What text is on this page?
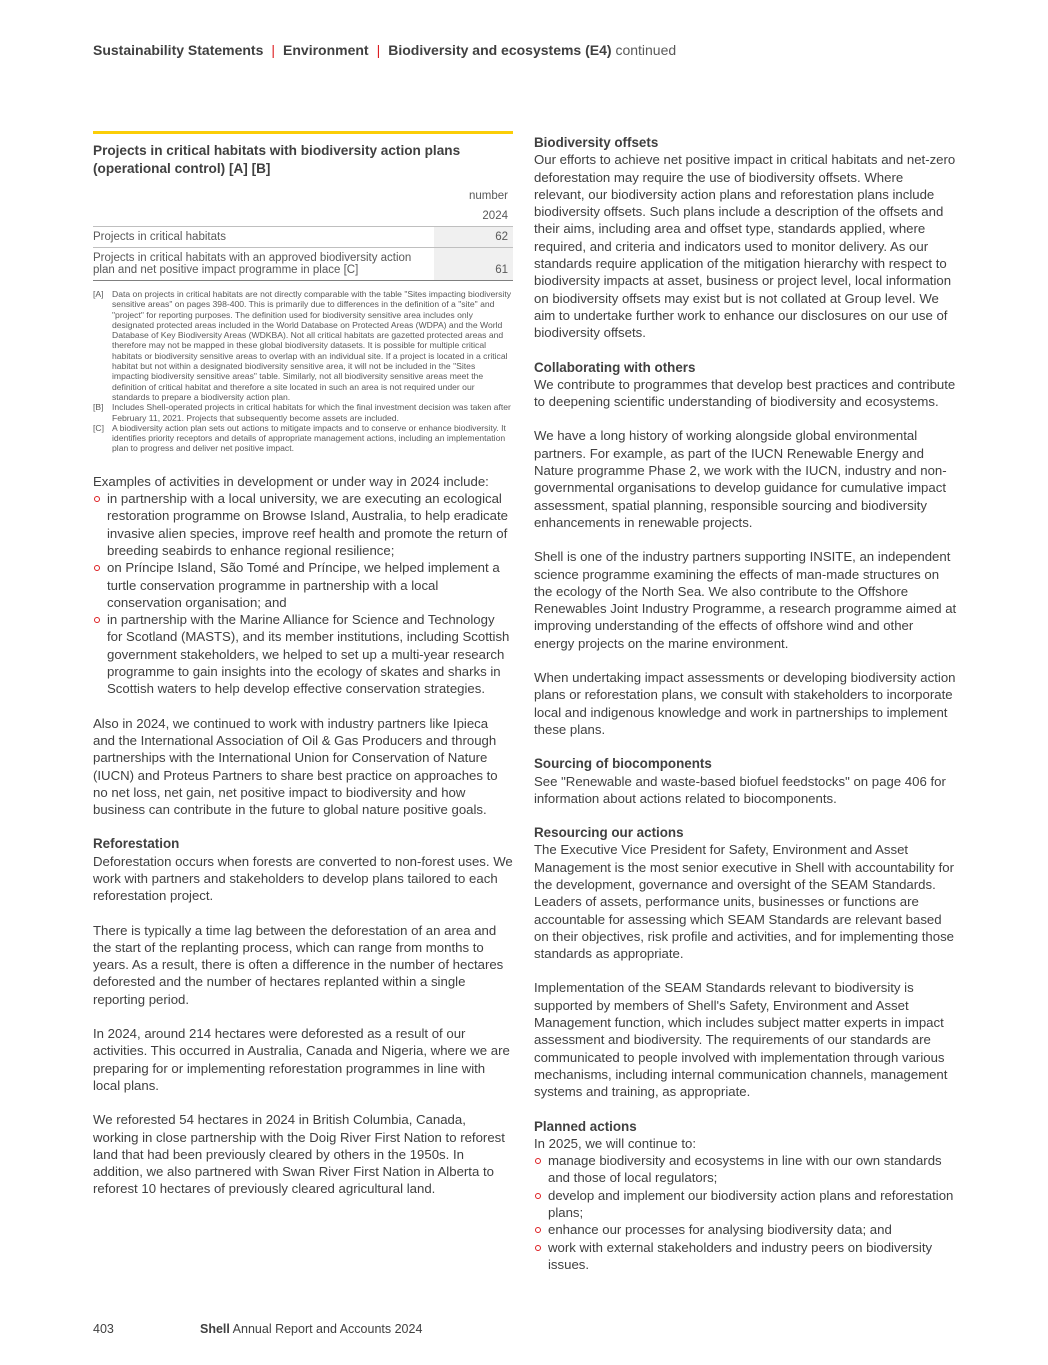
Sustainability Statements | Environment | Biodiversity and ecosystems (E4) continued

Projects in critical habitats with biodiversity action plans (operational control) [A] [B]

	number
	2024
Projects in critical habitats	62
Projects in critical habitats with an approved biodiversity action plan and net positive impact programme in place [C]	61
[A] Data on projects in critical habitats are not directly comparable with the table "Sites impacting biodiversity sensitive areas" on pages 398-400. This is primarily due to differences in the definition of a "site" and "project" for reporting purposes. The definition used for biodiversity sensitive area includes only designated protected areas included in the World Database on Protected Areas (WDPA) and the World Database of Key Biodiversity Areas (WDKBA). Not all critical habitats are gazetted protected areas and therefore may not be mapped in these global biodiversity datasets. It is possible for multiple critical habitats or biodiversity sensitive areas to overlap with an individual site. If a project is located in a critical habitat but not within a designated biodiversity sensitive area, it will not be included in the "Sites impacting biodiversity sensitive areas" table. Similarly, not all biodiversity sensitive areas meet the definition of critical habitat and therefore a site located in such an area is not required under our standards to prepare a biodiversity action plan.
[B] Includes Shell-operated projects in critical habitats for which the final investment decision was taken after February 11, 2021. Projects that subsequently become assets are included.
[C] A biodiversity action plan sets out actions to mitigate impacts and to conserve or enhance biodiversity. It identifies priority receptors and details of appropriate management actions, including an implementation plan to progress and deliver net positive impact.

Examples of activities in development or under way in 2024 include:

in partnership with a local university, we are executing an ecological restoration programme on Browse Island, Australia, to help eradicate invasive alien species, improve reef health and promote the return of breeding seabirds to enhance regional resilience;
on Príncipe Island, São Tomé and Príncipe, we helped implement a turtle conservation programme in partnership with a local conservation organisation; and
in partnership with the Marine Alliance for Science and Technology for Scotland (MASTS), and its member institutions, including Scottish government stakeholders, we helped to set up a multi-year research programme to gain insights into the ecology of skates and sharks in Scottish waters to help develop effective conservation strategies.

Also in 2024, we continued to work with industry partners like Ipieca and the International Association of Oil & Gas Producers and through partnerships with the International Union for Conservation of Nature (IUCN) and Proteus Partners to share best practice on approaches to no net loss, net gain, net positive impact to biodiversity and how business can contribute in the future to global nature positive goals.

Reforestation

Deforestation occurs when forests are converted to non-forest uses. We work with partners and stakeholders to develop plans tailored to each reforestation project.

There is typically a time lag between the deforestation of an area and the start of the replanting process, which can range from months to years. As a result, there is often a difference in the number of hectares deforested and the number of hectares replanted within a single reporting period.

In 2024, around 214 hectares were deforested as a result of our activities. This occurred in Australia, Canada and Nigeria, where we are preparing for or implementing reforestation programmes in line with local plans.

We reforested 54 hectares in 2024 in British Columbia, Canada, working in close partnership with the Doig River First Nation to reforest land that had been previously cleared by others in the 1950s. In addition, we also partnered with Swan River First Nation in Alberta to reforest 10 hectares of previously cleared agricultural land.

Biodiversity offsets

Our efforts to achieve net positive impact in critical habitats and net-zero deforestation may require the use of biodiversity offsets. Where relevant, our biodiversity action plans and reforestation plans include biodiversity offsets. Such plans include a description of the offsets and their aims, including area and offset type, standards applied, where required, and criteria and indicators used to monitor delivery. As our standards require application of the mitigation hierarchy with respect to biodiversity impacts at asset, business or project level, local information on biodiversity offsets may exist but is not collated at Group level. We aim to undertake further work to enhance our disclosures on our use of biodiversity offsets.

Collaborating with others

We contribute to programmes that develop best practices and contribute to deepening scientific understanding of biodiversity and ecosystems.

We have a long history of working alongside global environmental partners. For example, as part of the IUCN Renewable Energy and Nature programme Phase 2, we work with the IUCN, industry and non-governmental organisations to develop guidance for cumulative impact assessment, spatial planning, responsible sourcing and biodiversity enhancements in renewable projects.

Shell is one of the industry partners supporting INSITE, an independent science programme examining the effects of man-made structures on the ecology of the North Sea. We also contribute to the Offshore Renewables Joint Industry Programme, a research programme aimed at improving understanding of the effects of offshore wind and other energy projects on the marine environment.

When undertaking impact assessments or developing biodiversity action plans or reforestation plans, we consult with stakeholders to incorporate local and indigenous knowledge and work in partnerships to implement these plans.

Sourcing of biocomponents

See "Renewable and waste-based biofuel feedstocks" on page 406 for information about actions related to biocomponents.

Resourcing our actions

The Executive Vice President for Safety, Environment and Asset Management is the most senior executive in Shell with accountability for the development, governance and oversight of the SEAM Standards. Leaders of assets, performance units, businesses or functions are accountable for assessing which SEAM Standards are relevant based on their objectives, risk profile and activities, and for implementing those standards as appropriate.

Implementation of the SEAM Standards relevant to biodiversity is supported by members of Shell's Safety, Environment and Asset Management function, which includes subject matter experts in impact assessment and biodiversity. The requirements of our standards are communicated to people involved with implementation through various mechanisms, including internal communication channels, management systems and training, as appropriate.

Planned actions

In 2025, we will continue to:

manage biodiversity and ecosystems in line with our own standards and those of local regulators;
develop and implement our biodiversity action plans and reforestation plans;
enhance our processes for analysing biodiversity data; and
work with external stakeholders and industry peers on biodiversity issues.
403	Shell Annual Report and Accounts 2024
